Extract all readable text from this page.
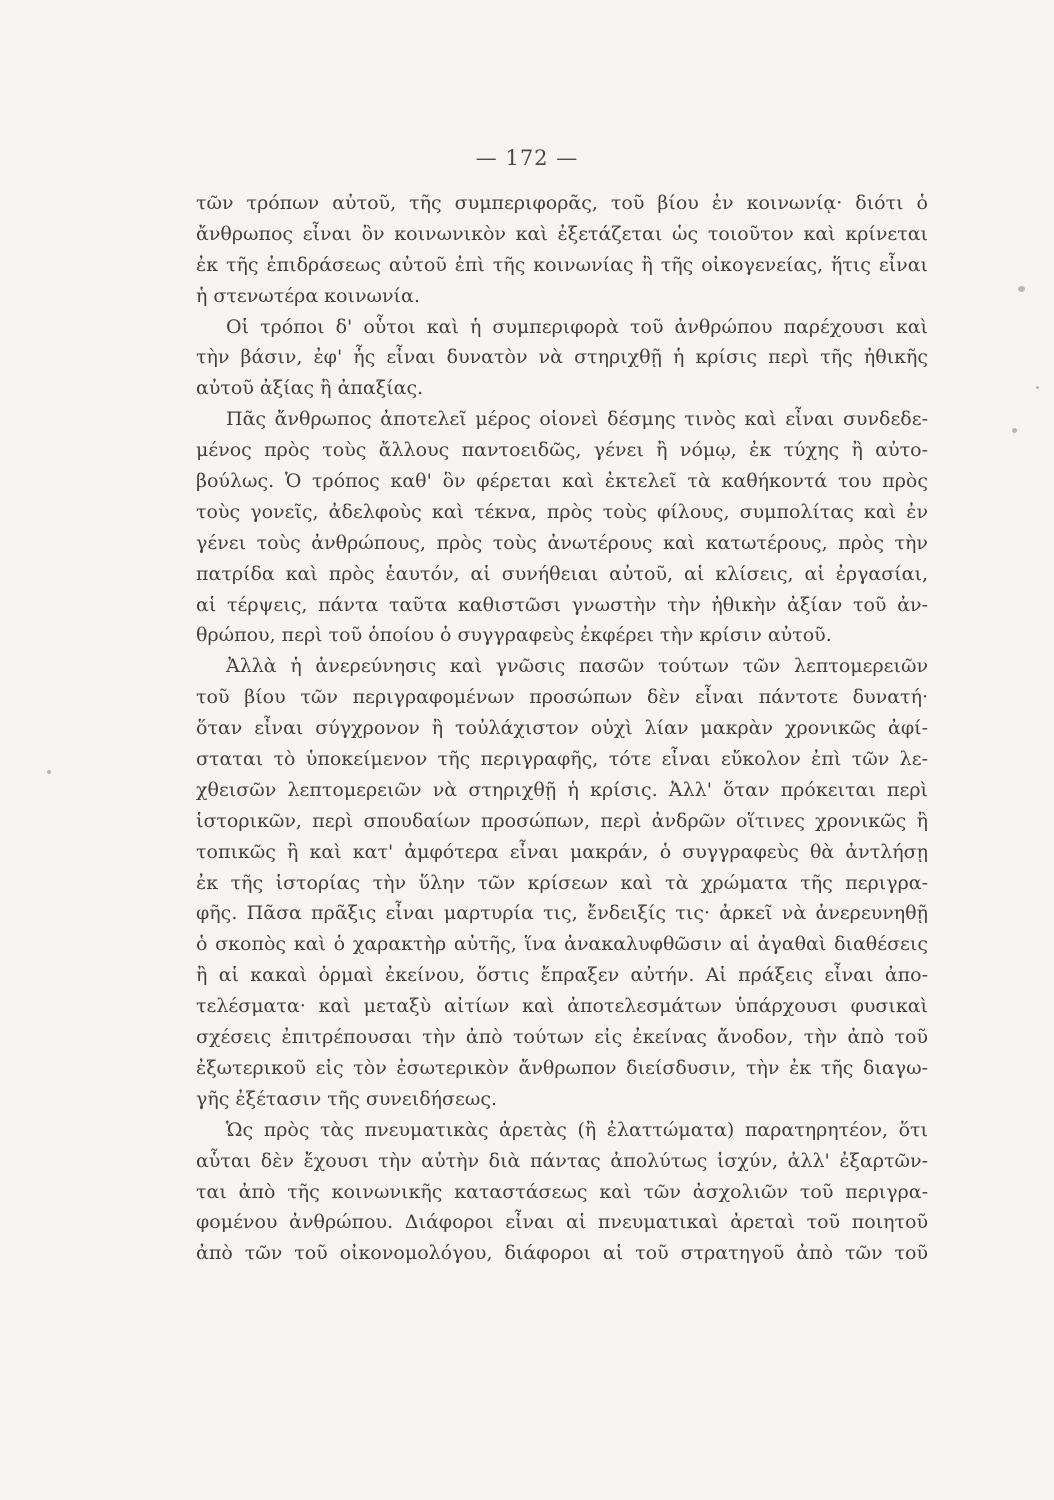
— 172 —
τῶν τρόπων αὐτοῦ, τῆς συμπεριφορᾶς, τοῦ βίου ἐν κοινωνίᾳ· διότι ὁ
ἄνθρωπος εἶναι ὂν κοινωνικὸν καὶ ἐξετάζεται ὡς τοιοῦτον καὶ κρίνεται
ἐκ τῆς ἐπιδράσεως αὐτοῦ ἐπὶ τῆς κοινωνίας ἢ τῆς οἰκογενείας, ἥτις εἶναι
ἡ στενωτέρα κοινωνία.
Οἱ τρόποι δ' οὗτοι καὶ ἡ συμπεριφορὰ τοῦ ἀνθρώπου παρέχουσι καὶ
τὴν βάσιν, ἐφ' ἧς εἶναι δυνατὸν νὰ στηριχθῇ ἡ κρίσις περὶ τῆς ἠθικῆς
αὐτοῦ ἀξίας ἢ ἀπαξίας.
Πᾶς ἄνθρωπος ἀποτελεῖ μέρος οἱονεὶ δέσμης τινὸς καὶ εἶναι συνδεδε-
μένος πρὸς τοὺς ἄλλους παντοειδῶς, γένει ἢ νόμῳ, ἐκ τύχης ἢ αὐτο-
βούλως. Ὁ τρόπος καθ' ὃν φέρεται καὶ ἐκτελεῖ τὰ καθήκοντά του πρὸς
τοὺς γονεῖς, ἀδελφοὺς καὶ τέκνα, πρὸς τοὺς φίλους, συμπολίτας καὶ ἐν
γένει τοὺς ἀνθρώπους, πρὸς τοὺς ἀνωτέρους καὶ κατωτέρους, πρὸς τὴν
πατρίδα καὶ πρὸς ἑαυτόν, αἱ συνήθειαι αὐτοῦ, αἱ κλίσεις, αἱ ἐργασίαι,
αἱ τέρψεις, πάντα ταῦτα καθιστῶσι γνωστὴν τὴν ἠθικὴν ἀξίαν τοῦ ἀν-
θρώπου, περὶ τοῦ ὁποίου ὁ συγγραφεὺς ἐκφέρει τὴν κρίσιν αὐτοῦ.
Ἀλλὰ ἡ ἀνερεύνησις καὶ γνῶσις πασῶν τούτων τῶν λεπτομερειῶν
τοῦ βίου τῶν περιγραφομένων προσώπων δὲν εἶναι πάντοτε δυνατή·
ὅταν εἶναι σύγχρονον ἢ τοὐλάχιστον οὐχὶ λίαν μακρὰν χρονικῶς ἀφί-
σταται τὸ ὑποκείμενον τῆς περιγραφῆς, τότε εἶναι εὔκολον ἐπὶ τῶν λε-
χθεισῶν λεπτομερειῶν νὰ στηριχθῇ ἡ κρίσις. Ἀλλ' ὅταν πρόκειται περὶ
ἱστορικῶν, περὶ σπουδαίων προσώπων, περὶ ἀνδρῶν οἵτινες χρονικῶς ἢ
τοπικῶς ἢ καὶ κατ' ἀμφότερα εἶναι μακράν, ὁ συγγραφεὺς θὰ ἀντλήσῃ
ἐκ τῆς ἱστορίας τὴν ὕλην τῶν κρίσεων καὶ τὰ χρώματα τῆς περιγρα-
φῆς. Πᾶσα πρᾶξις εἶναι μαρτυρία τις, ἔνδειξίς τις· ἀρκεῖ νὰ ἀνερευνηθῇ
ὁ σκοπὸς καὶ ὁ χαρακτὴρ αὐτῆς, ἵνα ἀνακαλυφθῶσιν αἱ ἀγαθαὶ διαθέσεις
ἢ αἱ κακαὶ ὁρμαὶ ἐκείνου, ὅστις ἔπραξεν αὐτήν. Αἱ πράξεις εἶναι ἀπο-
τελέσματα· καὶ μεταξὺ αἰτίων καὶ ἀποτελεσμάτων ὑπάρχουσι φυσικαὶ
σχέσεις ἐπιτρέπουσαι τὴν ἀπὸ τούτων εἰς ἐκείνας ἄνοδον, τὴν ἀπὸ τοῦ
ἐξωτερικοῦ εἰς τὸν ἐσωτερικὸν ἄνθρωπον διείσδυσιν, τὴν ἐκ τῆς διαγω-
γῆς ἐξέτασιν τῆς συνειδήσεως.
Ὡς πρὸς τὰς πνευματικὰς ἀρετὰς (ἢ ἐλαττώματα) παρατηρητέον, ὅτι
αὗται δὲν ἔχουσι τὴν αὐτὴν διὰ πάντας ἀπολύτως ἰσχύν, ἀλλ' ἐξαρτῶν-
ται ἀπὸ τῆς κοινωνικῆς καταστάσεως καὶ τῶν ἀσχολιῶν τοῦ περιγρα-
φομένου ἀνθρώπου. Διάφοροι εἶναι αἱ πνευματικαὶ ἀρεταὶ τοῦ ποιητοῦ
ἀπὸ τῶν τοῦ οἰκονομολόγου, διάφοροι αἱ τοῦ στρατηγοῦ ἀπὸ τῶν τοῦ
